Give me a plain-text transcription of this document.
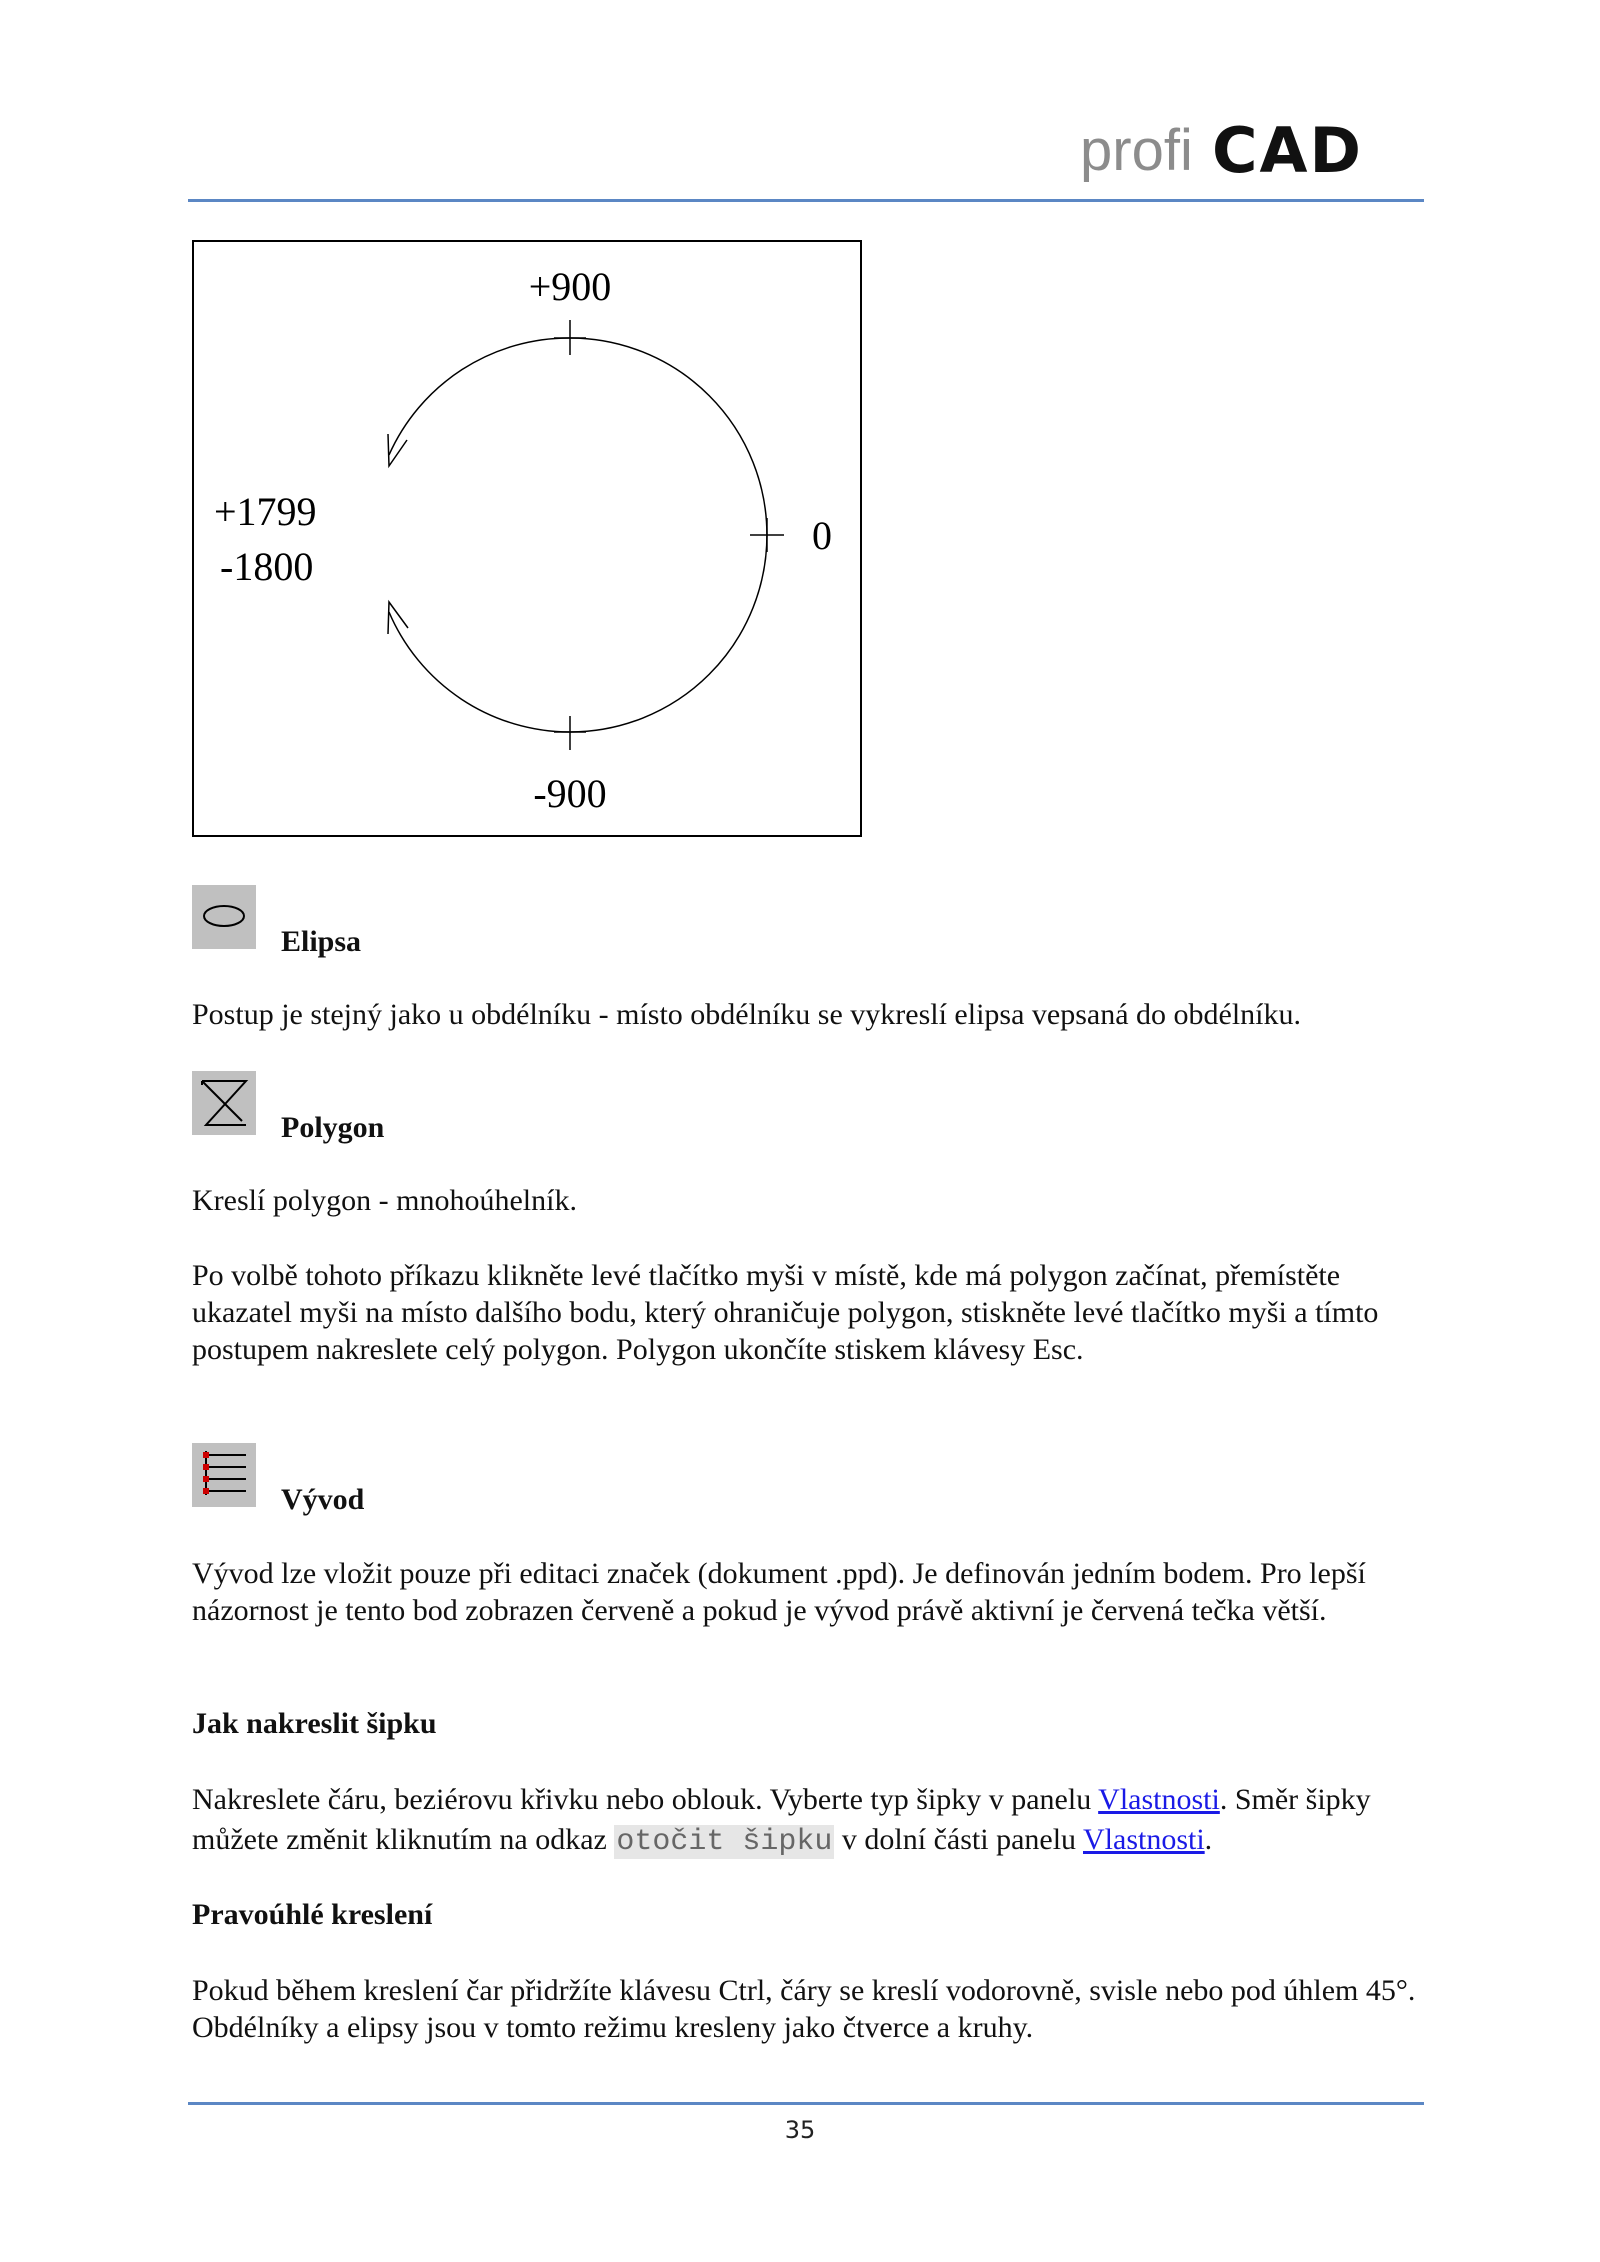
profi CAD
+900
0
+1799
-1800
-900
Elipsa
Postup je stejný jako u obdélníku - místo obdélníku se vykreslí elipsa vepsaná do obdélníku.
Polygon
Kreslí polygon - mnohoúhelník.
Po volbě tohoto příkazu klikněte levé tlačítko myši v místě, kde má polygon začínat, přemístěte ukazatel myši na místo dalšího bodu, který ohraničuje polygon, stiskněte levé tlačítko myši a tímto postupem nakreslete celý polygon. Polygon ukončíte stiskem klávesy Esc.
Vývod
Vývod lze vložit pouze při editaci značek (dokument .ppd). Je definován jedním bodem. Pro lepší názornost je tento bod zobrazen červeně a pokud je vývod právě aktivní je červená tečka větší.
Jak nakreslit šipku
Nakreslete čáru, beziérovu křivku nebo oblouk. Vyberte typ šipky v panelu Vlastnosti. Směr šipky můžete změnit kliknutím na odkaz otočit šipku v dolní části panelu Vlastnosti.
Pravoúhlé kreslení
Pokud během kreslení čar přidržíte klávesu Ctrl, čáry se kreslí vodorovně, svisle nebo pod úhlem 45°. Obdélníky a elipsy jsou v tomto režimu kresleny jako čtverce a kruhy.
35
